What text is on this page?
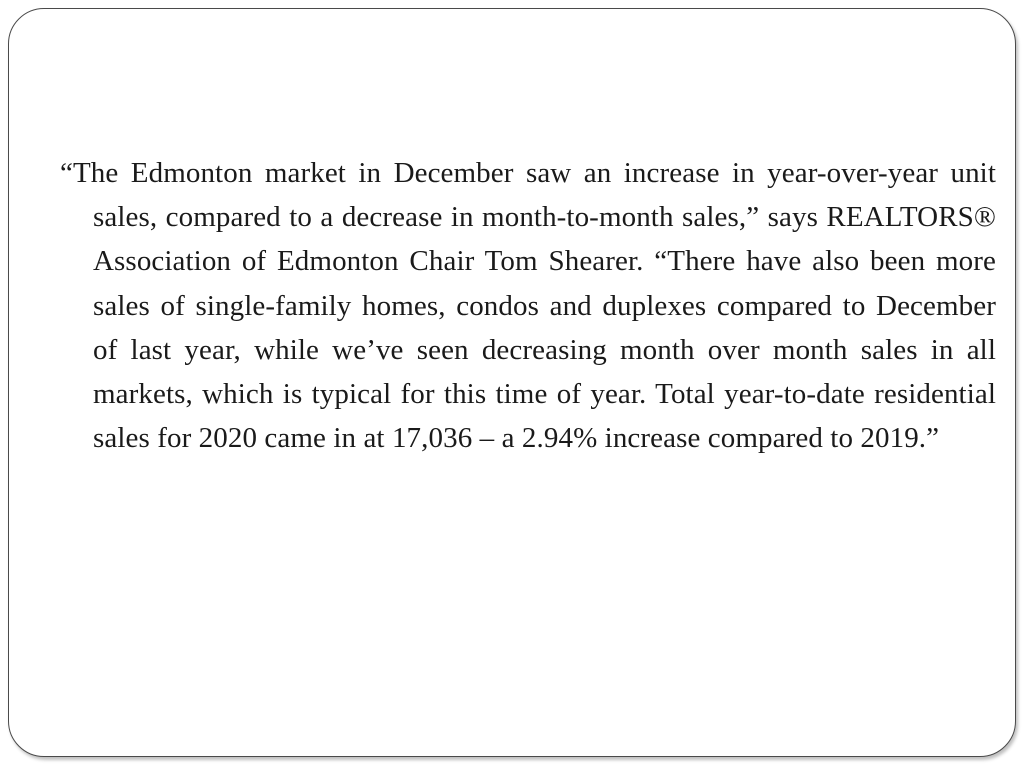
“The Edmonton market in December saw an increase in year-over-year unit sales, compared to a decrease in month-to-month sales,” says REALTORS® Association of Edmonton Chair Tom Shearer. “There have also been more sales of single-family homes, condos and duplexes compared to December of last year, while we’ve seen decreasing month over month sales in all markets, which is typical for this time of year. Total year-to-date residential sales for 2020 came in at 17,036 – a 2.94% increase compared to 2019.”
